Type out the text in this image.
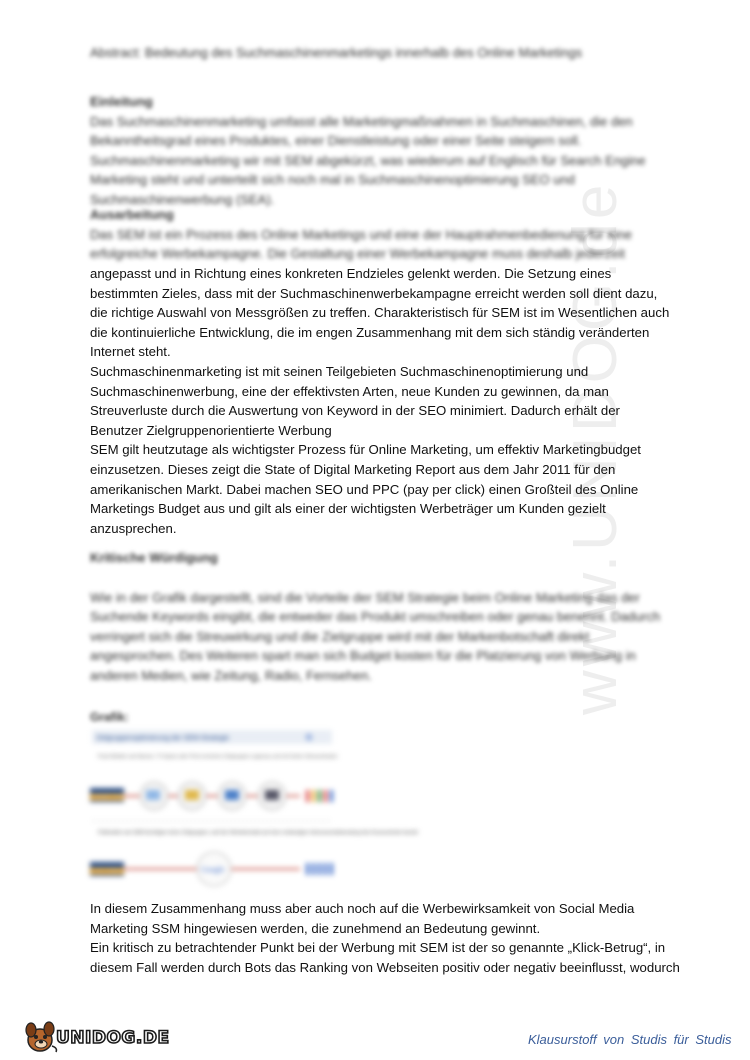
www.UNIDOG.de
Abstract: Bedeutung des Suchmaschinenmarketings innerhalb des Online Marketings
Einleitung
Das Suchmaschinenmarketing umfasst alle Marketingmaßnahmen in Suchmaschinen, die den Bekanntheitsgrad eines Produktes, einer Dienstleistung oder einer Seite steigern soll. Suchmaschinenmarketing wir mit SEM abgekürzt, was wiederum auf Englisch für Search Engine Marketing steht und unterteilt sich noch mal in Suchmaschinenoptimierung SEO und Suchmaschinenwerbung (SEA).
Ausarbeitung
Das SEM ist ein Prozess des Online Marketings und eine der Hauptrahmenbedienung für eine erfolgreiche Werbekampagne. Die Gestaltung einer Werbekampagne muss deshalb jederzeit

angepasst und in Richtung eines konkreten Endzieles gelenkt werden. Die Setzung eines bestimmten Zieles, dass mit der Suchmaschinenwerbekampagne erreicht werden soll dient dazu, die richtige Auswahl von Messgrößen zu treffen. Charakteristisch für SEM ist im Wesentlichen auch die kontinuierliche Entwicklung, die im engen Zusammenhang mit dem sich ständig veränderten Internet steht.

Suchmaschinenmarketing ist mit seinen Teilgebieten Suchmaschinenoptimierung und Suchmaschinenwerbung, eine der effektivsten Arten, neue Kunden zu gewinnen, da man Streuverluste durch die Auswertung von Keyword in der SEO minimiert. Dadurch erhält der Benutzer Zielgruppenorientierte Werbung

SEM gilt heutzutage als wichtigster Prozess für Online Marketing, um effektiv Marketingbudget einzusetzen. Dieses zeigt die State of Digital Marketing Report aus dem Jahr 2011 für den amerikanischen Markt. Dabei machen SEO und PPC (pay per click) einen Großteil des Online Marketings Budget aus und gilt als einer der wichtigsten Werbeträger um Kunden gezielt anzusprechen.

Kritische Würdigung
Wie in der Grafik dargestellt, sind die Vorteile der SEM Strategie beim Online Marketing das der Suchende Keywords eingibt, die entweder das Produkt umschreiben oder genau benennt. Dadurch verringert sich die Streuwirkung und die Zielgruppe wird mit der Markenbotschaft direkt angesprochen. Des Weiteren spart man sich Budget kosten für die Platzierung von Werbung in anderen Medien, wie Zeitung, Radio, Fernsehen.
Grafik:
Zielgruppenoptimierung der SEM-Strategie	G
Push-Medien wie Banner, TV-Spots oder Print erreichen Zielgruppen ungenau und mit hohen Streuverlusten
SENDER STIMULUS
Pullmedien wie SEM benötigen keine Zielgruppen, weil der Werbekontakt auf einer eindeutigen Interessensbekundung des Konsumenten beruht
AUTO STIMULUS	Google

In diesem Zusammenhang muss aber auch noch auf die Werbewirksamkeit von Social Media Marketing SSM hingewiesen werden, die zunehmend an Bedeutung gewinnt.

Ein kritisch zu betrachtender Punkt bei der Werbung mit SEM ist der so genannte „Klick-Betrug“, in diesem Fall werden durch Bots das Ranking von Webseiten positiv oder negativ beeinflusst, wodurch

UNIDOG.DE	Klausurstoff von Studis für Studis
